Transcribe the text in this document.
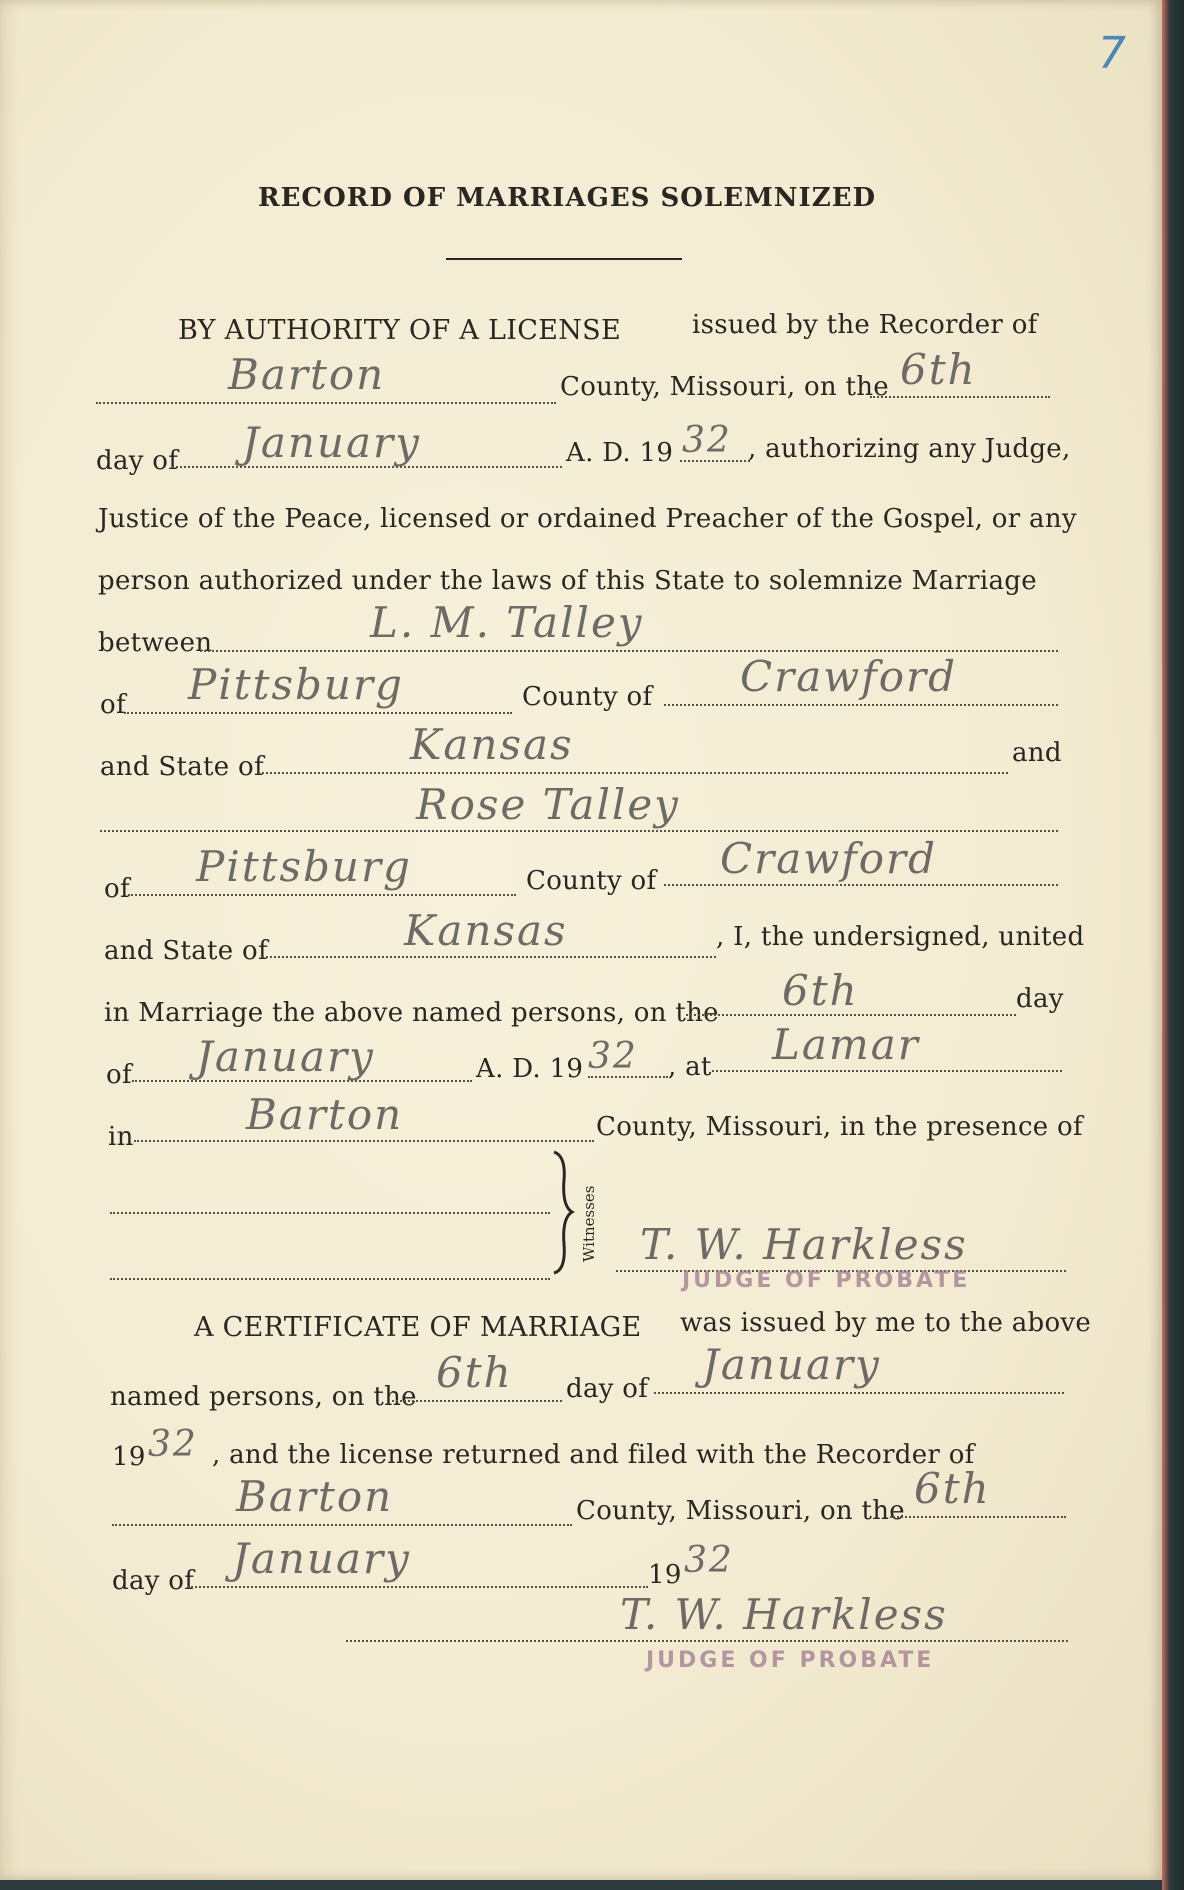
7
RECORD OF MARRIAGES SOLEMNIZED
BY AUTHORITY OF A LICENSE	issued by the Recorder of
Barton	County, Missouri, on the 6th
day of January	A. D. 19 32 , authorizing any Judge,
Justice of the Peace, licensed or ordained Preacher of the Gospel, or any
person authorized under the laws of this State to solemnize Marriage
between	L. M. Talley
of Pittsburg	County of Crawford
and State of	Kansas	and
Rose Talley
of Pittsburg	County of Crawford
and State of	Kansas	, I, the undersigned, united
in Marriage the above named persons, on the 6th	day
of January	A. D. 19 32 , at Lamar
in	Barton	County, Missouri, in the presence of
Witnesses T. W. Harkless
JUDGE OF PROBATE
A CERTIFICATE OF MARRIAGE was issued by me to the above
named persons, on the 6th day of January
19 32 , and the license returned and filed with the Recorder of
Barton	County, Missouri, on the 6th
day of January	19 32
T. W. Harkless
JUDGE OF PROBATE
